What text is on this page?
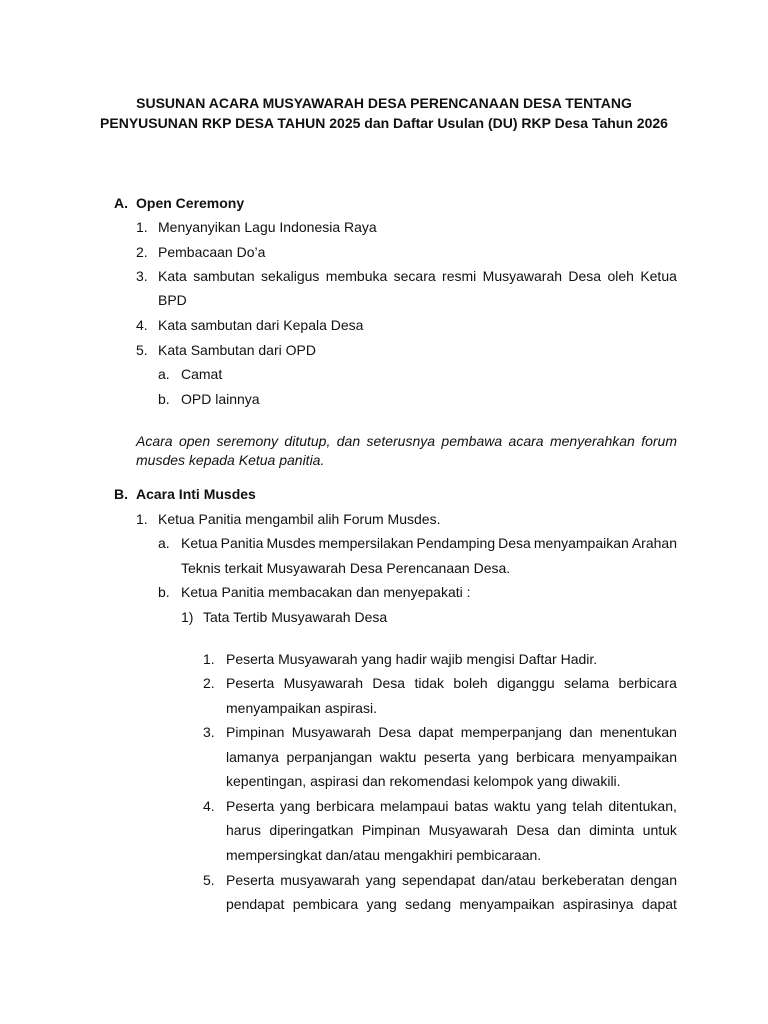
SUSUNAN ACARA MUSYAWARAH DESA PERENCANAAN DESA TENTANG
PENYUSUNAN RKP DESA TAHUN 2025 dan Daftar Usulan (DU) RKP Desa Tahun 2026
A. Open Ceremony
1. Menyanyikan Lagu Indonesia Raya
2. Pembacaan Do’a
3. Kata sambutan sekaligus membuka secara resmi Musyawarah Desa oleh Ketua
BPD
4. Kata sambutan dari Kepala Desa
5. Kata Sambutan dari OPD
a. Camat
b. OPD lainnya
Acara open seremony ditutup, dan seterusnya pembawa acara menyerahkan forum
musdes kepada Ketua panitia.
B. Acara Inti Musdes
1. Ketua Panitia mengambil alih Forum Musdes.
a. Ketua Panitia Musdes mempersilakan Pendamping Desa menyampaikan Arahan
Teknis terkait Musyawarah Desa Perencanaan Desa.
b. Ketua Panitia membacakan dan menyepakati :
1) Tata Tertib Musyawarah Desa
1. Peserta Musyawarah yang hadir wajib mengisi Daftar Hadir.
2. Peserta Musyawarah Desa tidak boleh diganggu selama berbicara
menyampaikan aspirasi.
3. Pimpinan Musyawarah Desa dapat memperpanjang dan menentukan
lamanya perpanjangan waktu peserta yang berbicara menyampaikan
kepentingan, aspirasi dan rekomendasi kelompok yang diwakili.
4. Peserta yang berbicara melampaui batas waktu yang telah ditentukan,
harus diperingatkan Pimpinan Musyawarah Desa dan diminta untuk
mempersingkat dan/atau mengakhiri pembicaraan.
5. Peserta musyawarah yang sependapat dan/atau berkeberatan dengan
pendapat pembicara yang sedang menyampaikan aspirasinya dapat
